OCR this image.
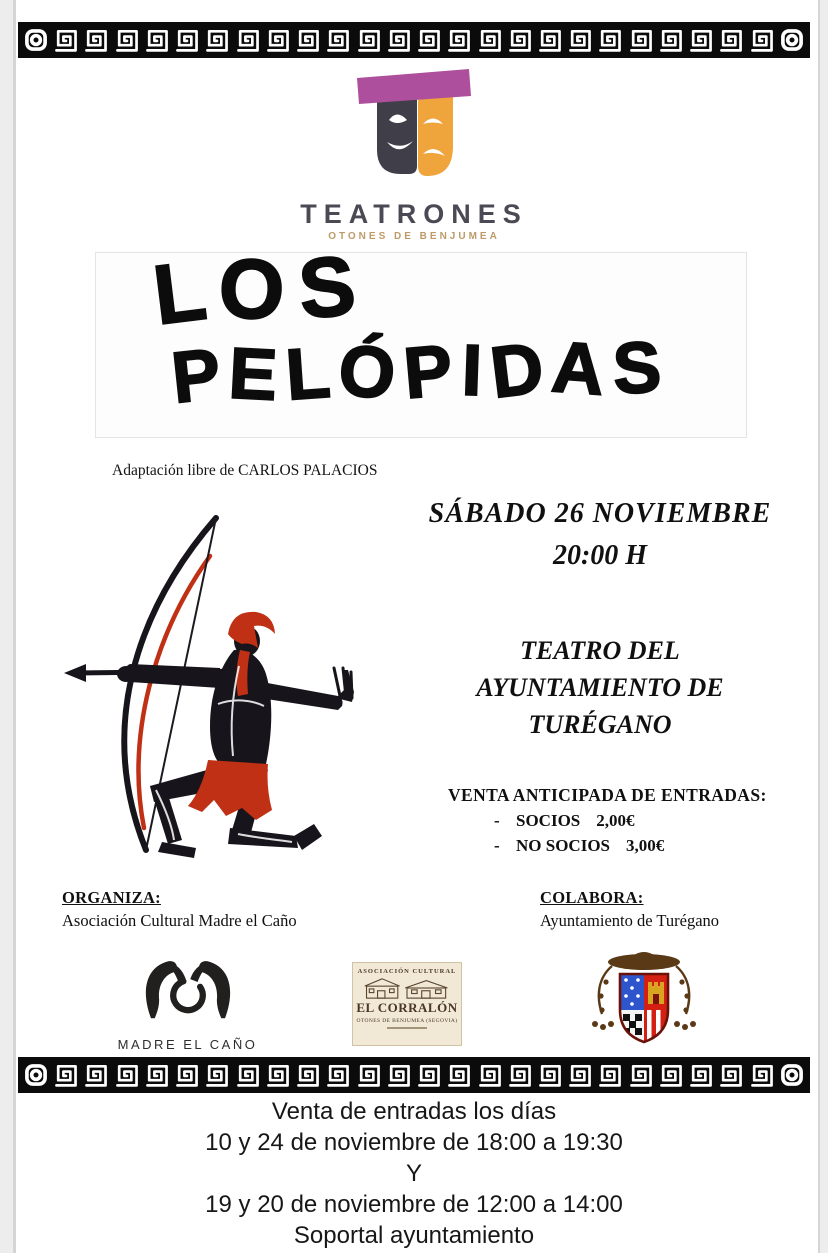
TEATRONES
OTONES DE BENJUMEA
LOS
PELÓPIDAS
Adaptación libre de CARLOS PALACIOS
SÁBADO 26 NOVIEMBRE
20:00 H
TEATRO DEL
AYUNTAMIENTO DE
TURÉGANO
VENTA ANTICIPADA DE ENTRADAS:
- SOCIOS 2,00€
- NO SOCIOS 3,00€
ORGANIZA:
Asociación Cultural Madre el Caño
COLABORA:
Ayuntamiento de Turégano
MADRE EL CAÑO
ASOCIACIÓN CULTURAL
EL CORRALÓN
OTONES DE BENJUMEA (SEGOVIA)
Venta de entradas los días
10 y 24 de noviembre de 18:00 a 19:30
Y
19 y 20 de noviembre de 12:00 a 14:00
Soportal ayuntamiento
